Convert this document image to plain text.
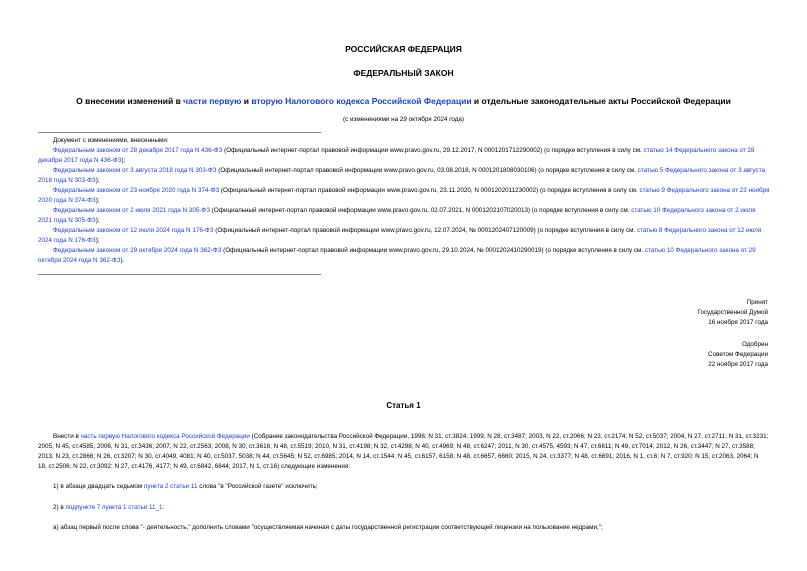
РОССИЙСКАЯ ФЕДЕРАЦИЯ
ФЕДЕРАЛЬНЫЙ ЗАКОН
О внесении изменений в части первую и вторую Налогового кодекса Российской Федерации и отдельные законодательные акты Российской Федерации
(с изменениями на 29 октября 2024 года)
Документ с изменениями, внесенными:
Федеральным законом от 28 декабря 2017 года N 436-ФЗ (Официальный интернет-портал правовой информации www.pravo.gov.ru, 29.12.2017, N 0001201712290002) (о порядке вступления в силу см. статью 14 Федерального закона от 28 декабря 2017 года N 436-ФЗ);
Федеральным законом от 3 августа 2018 года N 303-ФЗ (Официальный интернет-портал правовой информации www.pravo.gov.ru, 03.08.2018, N 0001201808030106) (о порядке вступления в силу см. статью 5 Федерального закона от 3 августа 2018 года N 303-ФЗ);
Федеральным законом от 23 ноября 2020 года N 374-ФЗ (Официальный интернет-портал правовой информации www.pravo.gov.ru, 23.11.2020, N 0001202011230002) (о порядке вступления в силу см. статью 9 Федерального закона от 23 ноября 2020 года N 374-ФЗ);
Федеральным законом от 2 июля 2021 года N 305-ФЗ (Официальный интернет-портал правовой информации www.pravo.gov.ru, 02.07.2021, N 0001202107020013) (о порядке вступления в силу см. статью 10 Федерального закона от 2 июля 2021 года N 305-ФЗ);
Федеральным законом от 12 июля 2024 года N 176-ФЗ (Официальный интернет-портал правовой информации www.pravo.gov.ru, 12.07.2024, № 0001202407120009) (о порядке вступления в силу см. статью 8 Федерального закона от 12 июля 2024 года N 176-ФЗ);
Федеральным законом от 29 октября 2024 года N 362-ФЗ (Официальный интернет-портал правовой информации www.pravo.gov.ru, 29.10.2024, № 0001202410290019) (о порядке вступления в силу см. статью 10 Федерального закона от 29 октября 2024 года N 362-ФЗ).
Принят
Государственной Думой
16 ноября 2017 года
Одобрен
Советом Федерации
22 ноября 2017 года
Статья 1
Внести в часть первую Налогового кодекса Российской Федерации (Собрание законодательства Российской Федерации, 1998, N 31, ст.3824; 1999, N 28, ст.3487; 2003, N 22, ст.2066; N 23, ст.2174; N 52, ст.5037; 2004, N 27, ст.2711; N 31, ст.3231; 2005, N 45, ст.4585; 2006, N 31, ст.3436; 2007, N 22, ст.2563; 2008, N 30, ст.3616; N 48, ст.5519; 2010, N 31, ст.4198; N 32, ст.4298; N 40, ст.4969; N 48, ст.6247; 2011, N 30, ст.4575, 4593; N 47, ст.6611; N 49, ст.7014; 2012, N 26, ст.3447; N 27, ст.3588; 2013, N 23, ст.2866; N 26, ст.3207; N 30, ст.4049, 4081; N 40, ст.5037, 5038; N 44, ст.5645; N 52, ст.6985; 2014, N 14, ст.1544; N 45, ст.6157, 6158; N 48, ст.6657, 6660; 2015, N 24, ст.3377; N 48, ст.6691; 2016, N 1, ст.6; N 7, ст.920; N 15, ст.2063, 2064; N 18, ст.2506; N 22, ст.3092; N 27, ст.4176, 4177; N 49, ст.6842, 6844; 2017, N 1, ст.16) следующие изменения:
1) в абзаце двадцать седьмом пункта 2 статьи 11 слова "в "Российской газете" исключить;
2) в подпункте 7 пункта 1 статьи 11_1:
а) абзац первый после слова "- деятельность," дополнить словами "осуществляемая начиная с даты государственной регистрации соответствующей лицензии на пользование недрами,";
